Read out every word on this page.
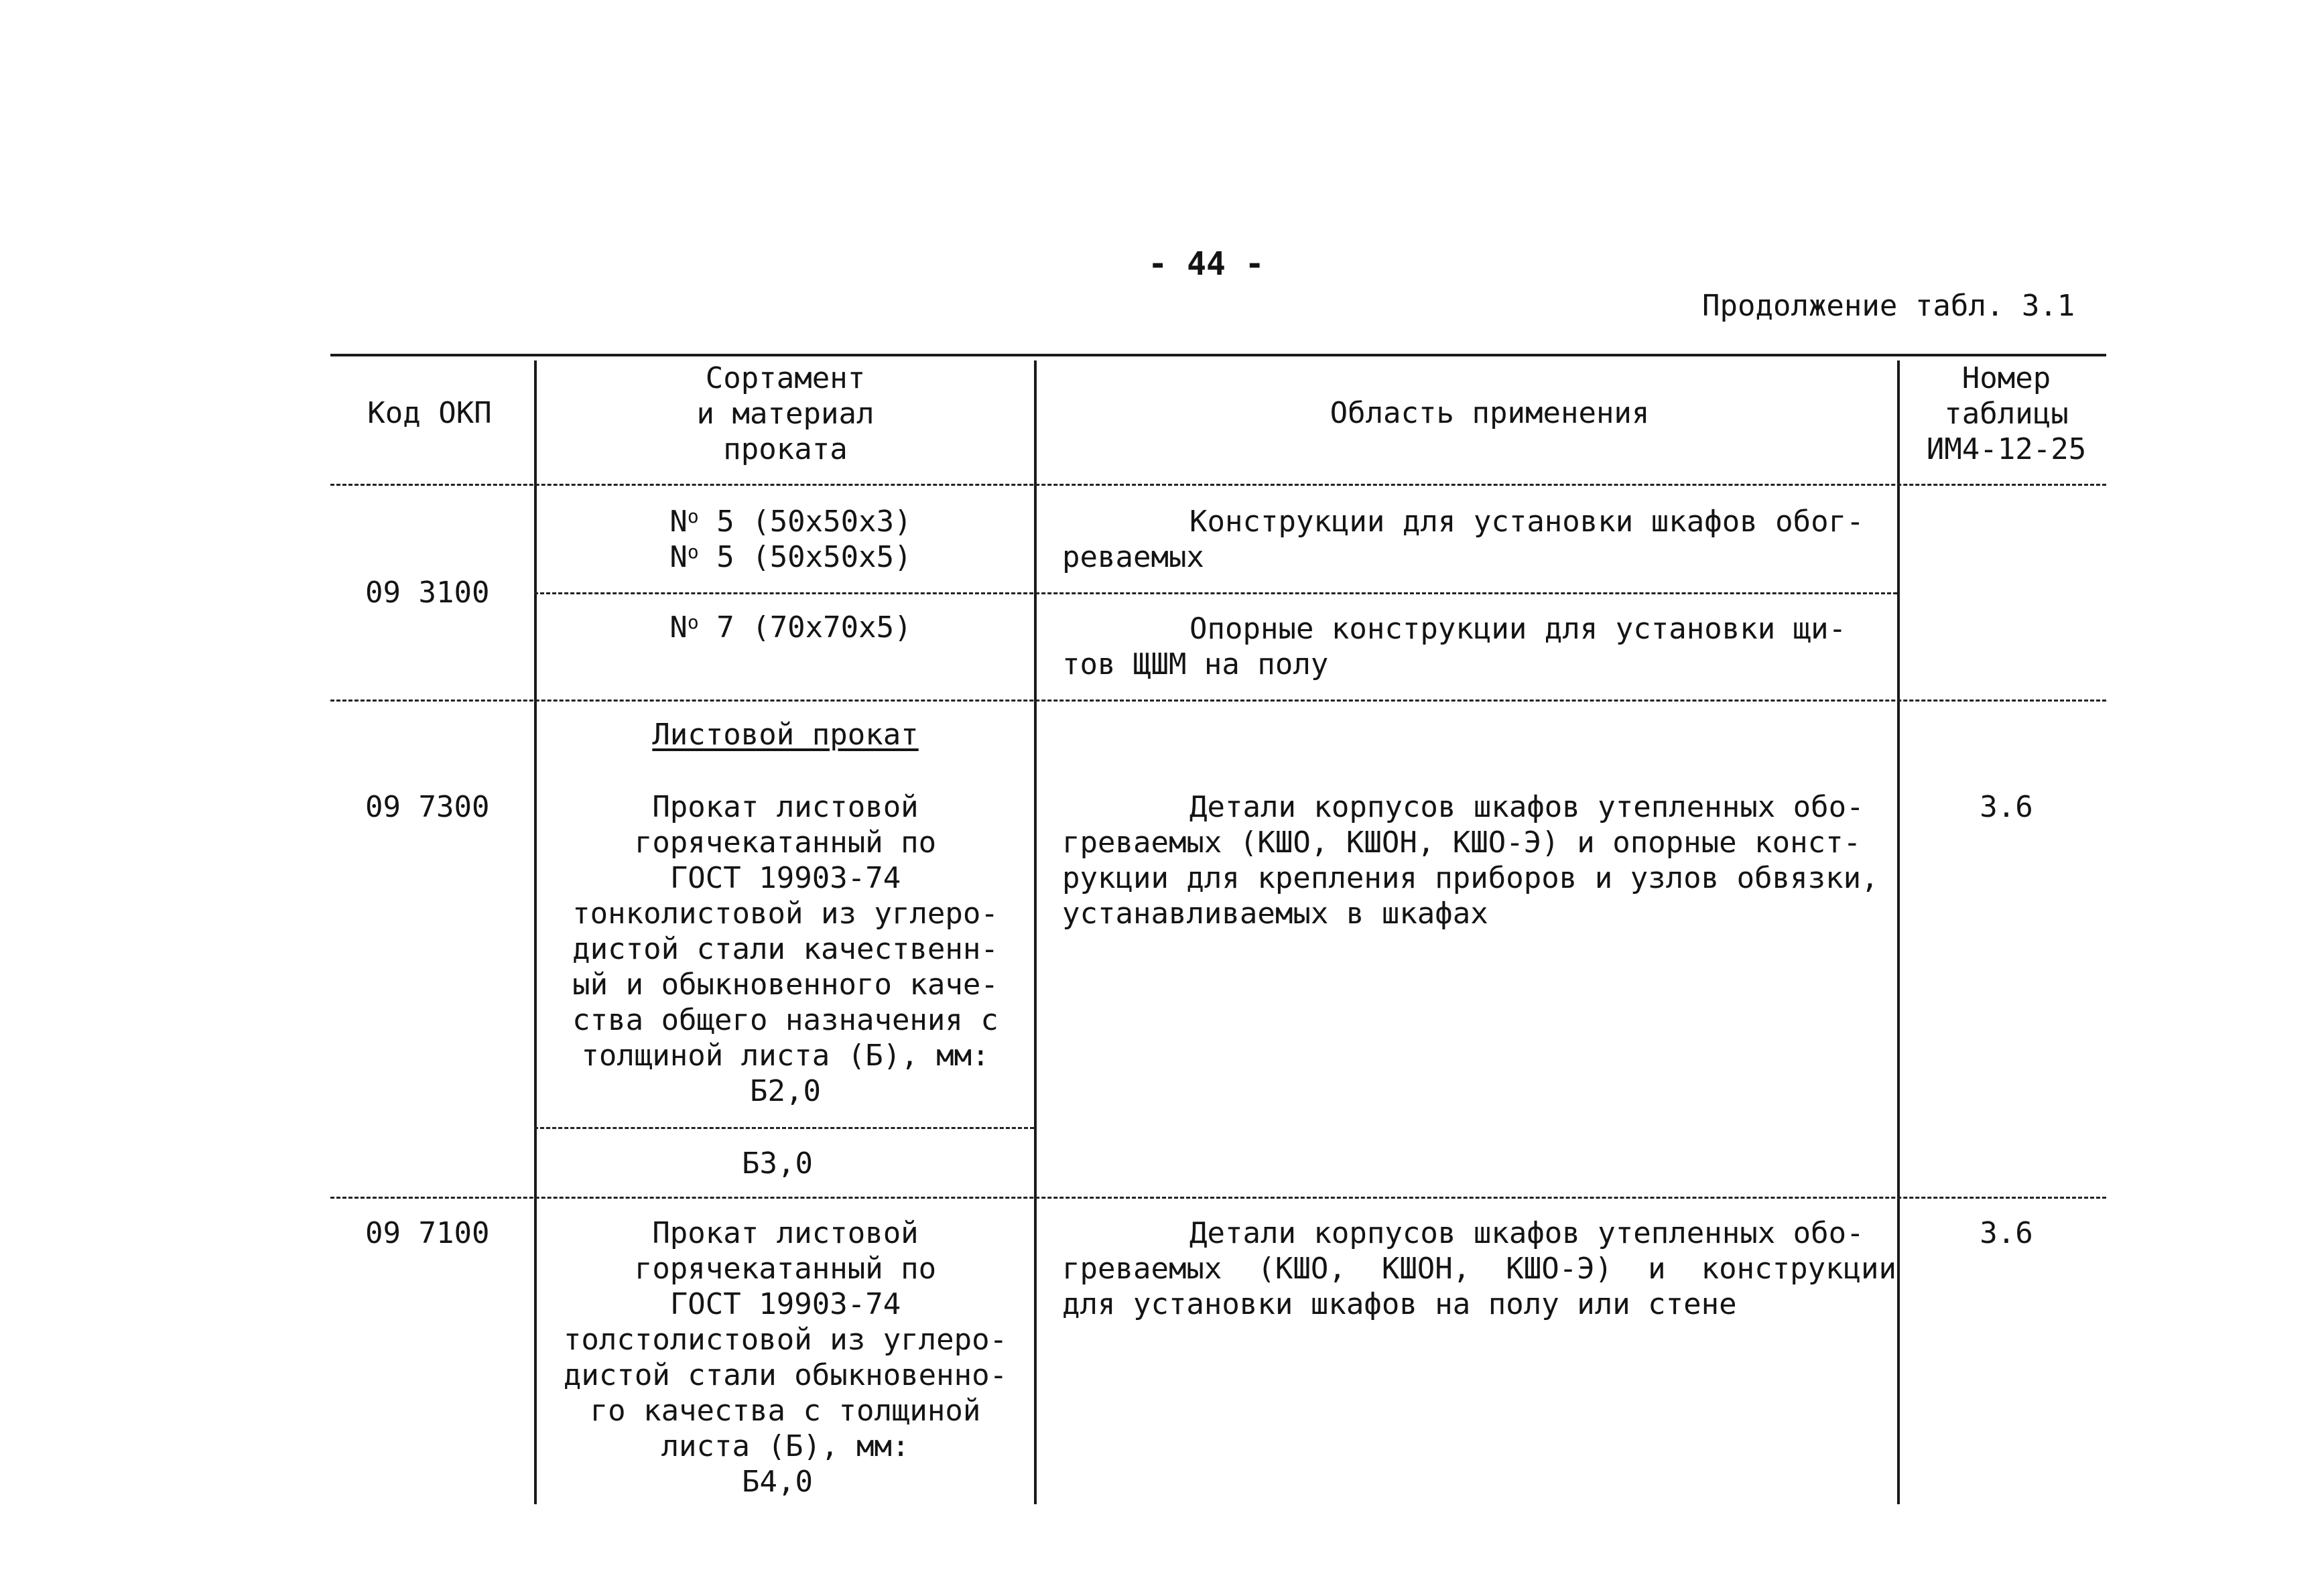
- 44 -
Продолжение табл. 3.1
Код ОКП
Сортамент
и материал
проката
Область применения
Номер
таблицы
ИМ4-12-25
09 3100
$N^o$ 5 (50x50x3)
$N^o$ 5 (50x50x5)
Конструкции для установки шкафов обог-
реваемых
$N^o$ 7 (70x70x5)	Опорные конструкции для установки щи-
тов ЩШМ на полу
09 7300
Листовой прокат
Прокат листовой
горячекатанный по
ГОСТ 19903-74
тонколистовой из углеро-
дистой стали качественн-
ый и обыкновенного каче-
ства общего назначения с
толщиной листа (Б), мм:
Б2,0
Детали корпусов шкафов утепленных обо-
греваемых (КШО, КШОН, КШО-Э) и опорные конст-
рукции для крепления приборов и узлов обвязки,
устанавливаемых в шкафах
3.6
Б3,0
09 7100	Прокат листовой
горячекатанный по
ГОСТ 19903-74
толстолистовой из углеро-
дистой стали обыкновенно-
го качества с толщиной
листа (Б), мм:
Б4,0
Детали корпусов шкафов утепленных обо-
греваемых  (КШО,  КШОН,  КШО-Э)  и  конструкции
для установки шкафов на полу или стене
3.6
